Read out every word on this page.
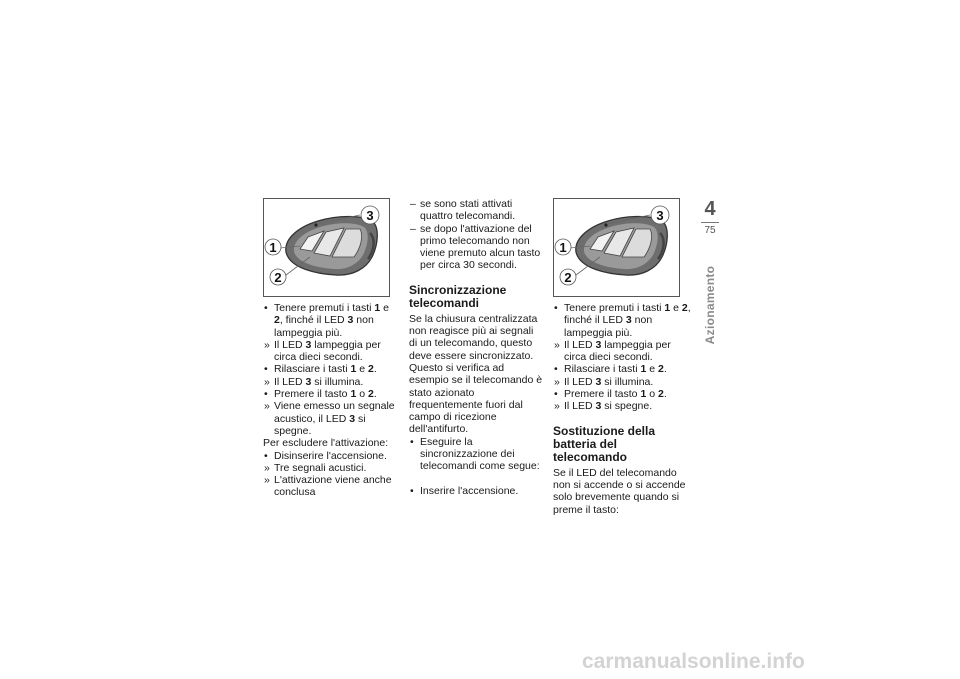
3
1
2
• Tenere premuti i tasti 1 e 2, finché il LED 3 non lampeggia più.
» Il LED 3 lampeggia per circa dieci secondi.
• Rilasciare i tasti 1 e 2.
» Il LED 3 si illumina.
• Premere il tasto 1 o 2.
» Viene emesso un segnale acustico, il LED 3 si spegne.

Per escludere l'attivazione:

• Disinserire l'accensione.
» Tre segnali acustici.
» L'attivazione viene anche conclusa
– se sono stati attivati quattro telecomandi.
– se dopo l'attivazione del primo telecomando non viene premuto alcun tasto per circa 30 secondi.
Sincronizzazione telecomandi

Se la chiusura centralizzata non reagisce più ai segnali di un telecomando, questo deve essere sincronizzato. Questo si verifica ad esempio se il telecomando è stato azionato frequentemente fuori dal campo di ricezione dell'antifurto.

• Eseguire la sincronizzazione dei telecomandi come segue:
• Inserire l'accensione.
3
1
2
• Tenere premuti i tasti 1 e 2, finché il LED 3 non lampeggia più.
» Il LED 3 lampeggia per circa dieci secondi.
• Rilasciare i tasti 1 e 2.
» Il LED 3 si illumina.
• Premere il tasto 1 o 2.
» Il LED 3 si spegne.
Sostituzione della batteria del telecomando

Se il LED del telecomando non si accende o si accende solo brevemente quando si preme il tasto:

4
75
Azionamento
carmanualsonline.info
